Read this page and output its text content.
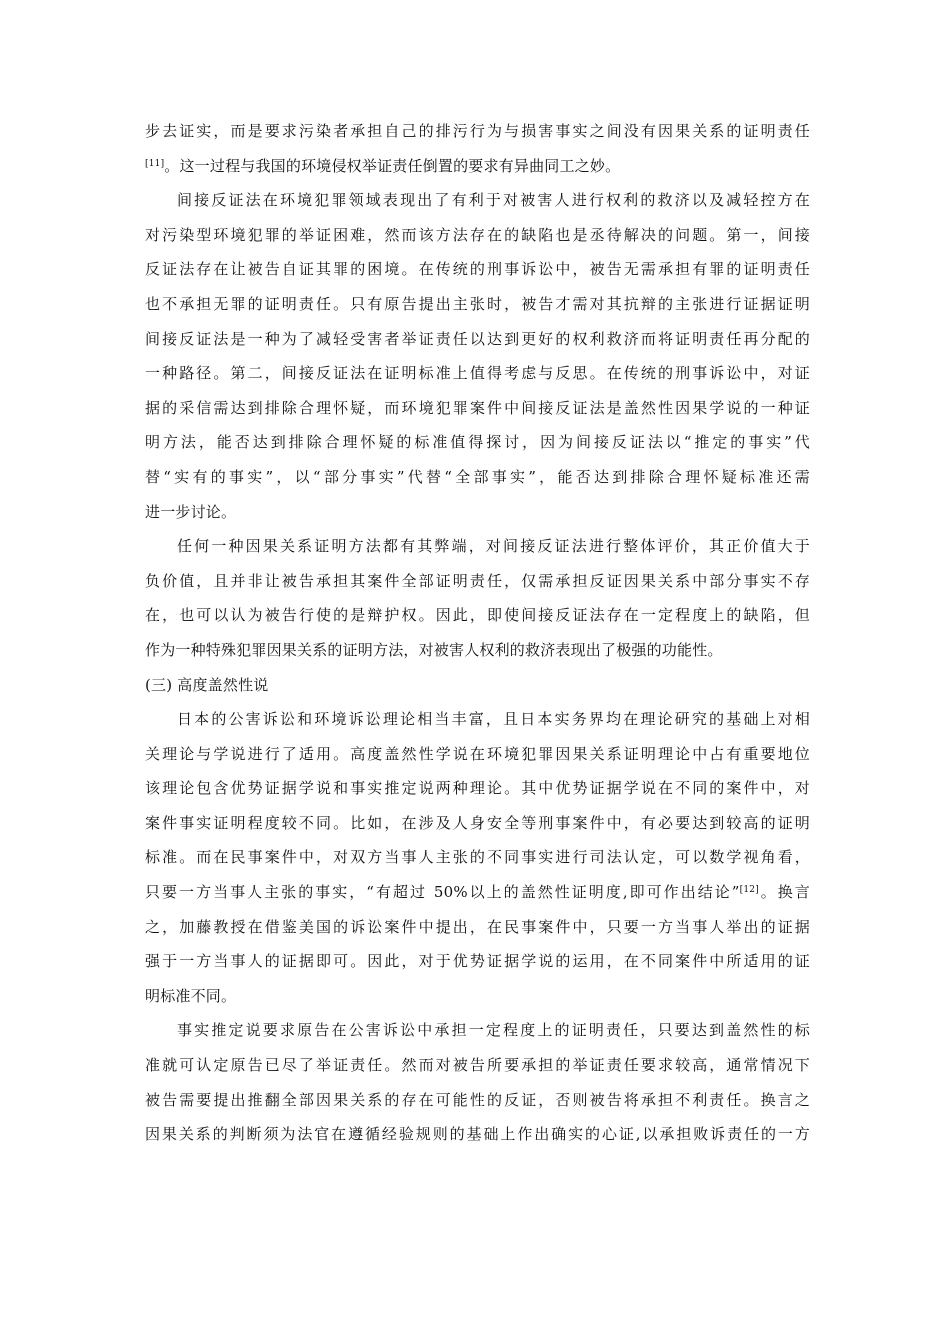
步去证实，而是要求污染者承担自己的排污行为与损害事实之间没有因果关系的证明责任
[11]。这一过程与我国的环境侵权举证责任倒置的要求有异曲同工之妙。
间接反证法在环境犯罪领域表现出了有利于对被害人进行权利的救济以及减轻控方在
对污染型环境犯罪的举证困难，然而该方法存在的缺陷也是丞待解决的问题。第一，间接
反证法存在让被告自证其罪的困境。在传统的刑事诉讼中，被告无需承担有罪的证明责任
也不承担无罪的证明责任。只有原告提出主张时，被告才需对其抗辩的主张进行证据证明
间接反证法是一种为了减轻受害者举证责任以达到更好的权利救济而将证明责任再分配的
一种路径。第二，间接反证法在证明标准上值得考虑与反思。在传统的刑事诉讼中，对证
据的采信需达到排除合理怀疑，而环境犯罪案件中间接反证法是盖然性因果学说的一种证
明方法，能否达到排除合理怀疑的标准值得探讨，因为间接反证法以“推定的事实”代
替“实有的事实”，以“部分事实”代替“全部事实”，能否达到排除合理怀疑标准还需
进一步讨论。
任何一种因果关系证明方法都有其弊端，对间接反证法进行整体评价，其正价值大于
负价值，且并非让被告承担其案件全部证明责任，仅需承担反证因果关系中部分事实不存
在，也可以认为被告行使的是辩护权。因此，即使间接反证法存在一定程度上的缺陷，但
作为一种特殊犯罪因果关系的证明方法，对被害人权利的救济表现出了极强的功能性。
(三) 高度盖然性说
日本的公害诉讼和环境诉讼理论相当丰富，且日本实务界均在理论研究的基础上对相
关理论与学说进行了适用。高度盖然性学说在环境犯罪因果关系证明理论中占有重要地位
该理论包含优势证据学说和事实推定说两种理论。其中优势证据学说在不同的案件中，对
案件事实证明程度较不同。比如，在涉及人身安全等刑事案件中，有必要达到较高的证明
标准。而在民事案件中，对双方当事人主张的不同事实进行司法认定，可以数学视角看，
只要一方当事人主张的事实，“有超过 50%以上的盖然性证明度,即可作出结论”[12]。换言
之，加藤教授在借鉴美国的诉讼案件中提出，在民事案件中，只要一方当事人举出的证据
强于一方当事人的证据即可。因此，对于优势证据学说的运用，在不同案件中所适用的证
明标准不同。
事实推定说要求原告在公害诉讼中承担一定程度上的证明责任，只要达到盖然性的标
准就可认定原告已尽了举证责任。然而对被告所要承担的举证责任要求较高，通常情况下
被告需要提出推翻全部因果关系的存在可能性的反证，否则被告将承担不利责任。换言之
因果关系的判断须为法官在遵循经验规则的基础上作出确实的心证,以承担败诉责任的一方
